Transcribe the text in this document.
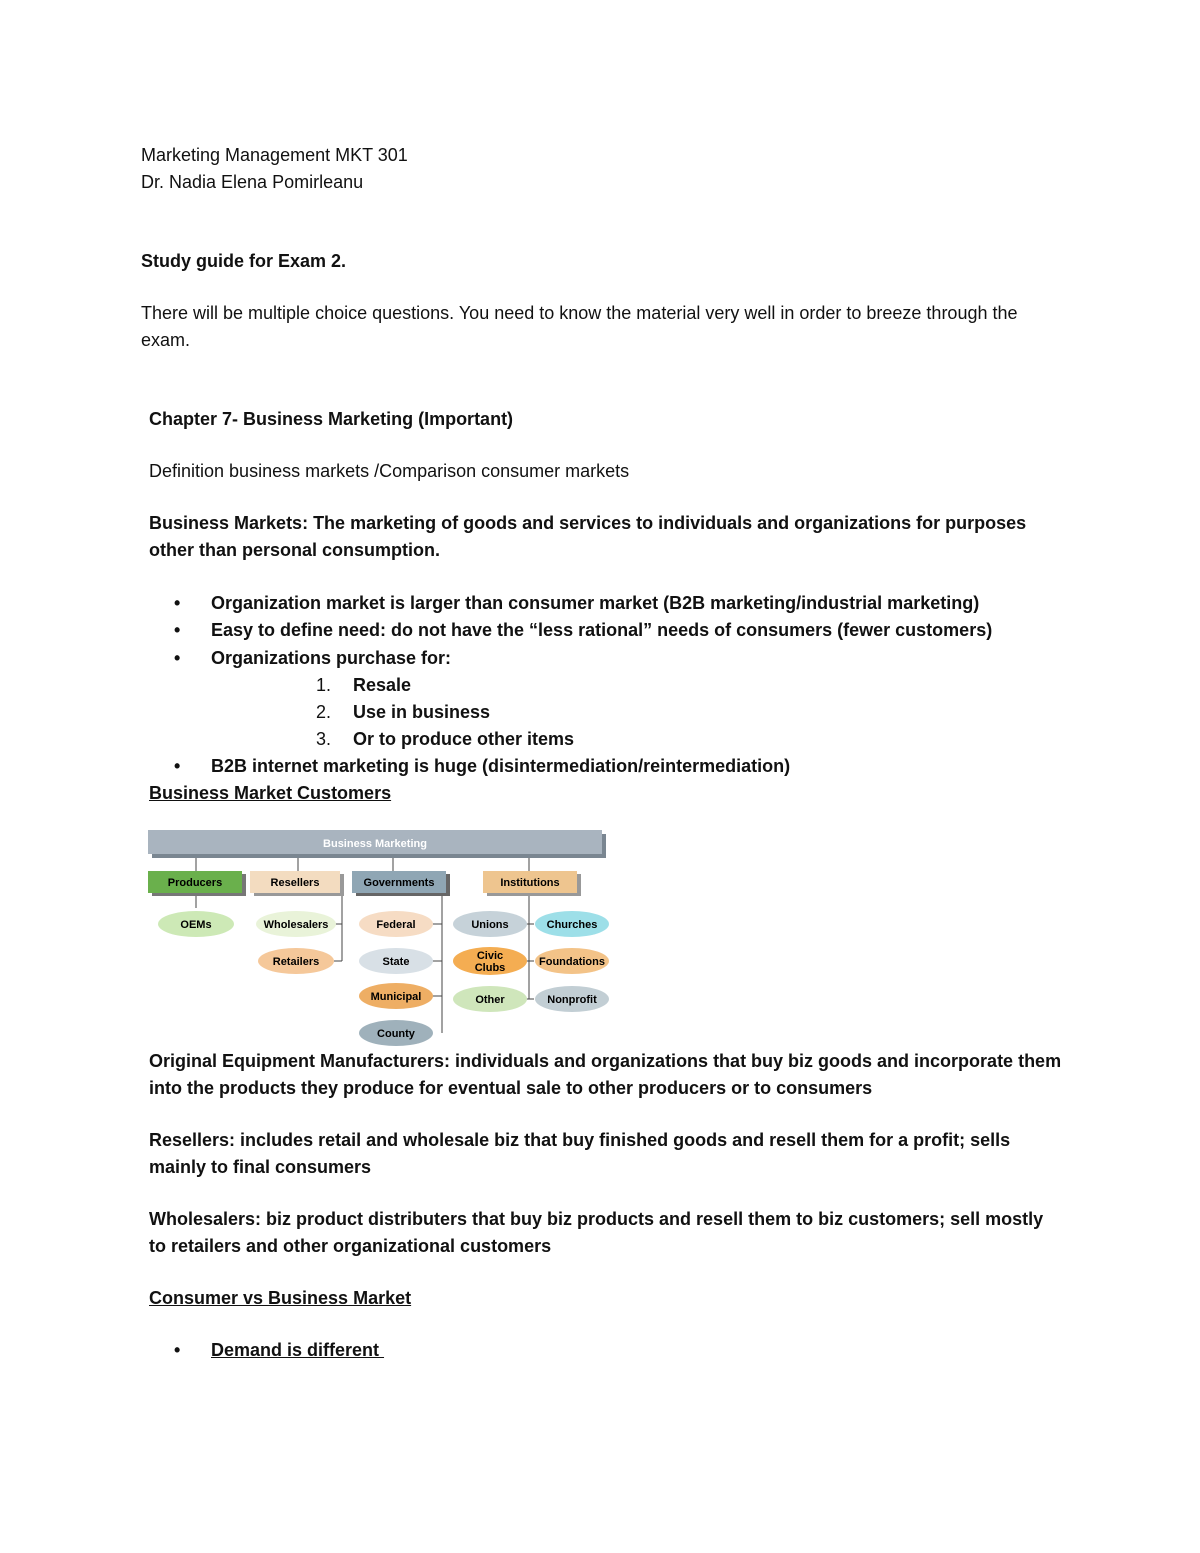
Marketing Management MKT 301
Dr. Nadia Elena Pomirleanu
Study guide for Exam 2.
There will be multiple choice questions. You need to know the material very well in order to breeze through the exam.
Chapter 7- Business Marketing (Important)
Definition business markets /Comparison consumer markets
Business Markets: The marketing of goods and services to individuals and organizations for purposes other than personal consumption.
• Organization market is larger than consumer market (B2B marketing/industrial marketing)
• Easy to define need: do not have the “less rational” needs of consumers (fewer customers)
• Organizations purchase for:
1. Resale
2. Use in business
3. Or to produce other items
• B2B internet marketing is huge (disintermediation/reintermediation)
Business Market Customers
Business Marketing
Producers	Resellers	Governments	Institutions
OEMs	Wholesalers
Retailers
Federal
State
Municipal
County
Unions
Civic Clubs
Other
Churches
Foundations
Nonprofit
Original Equipment Manufacturers: individuals and organizations that buy biz goods and incorporate them into the products they produce for eventual sale to other producers or to consumers
Resellers: includes retail and wholesale biz that buy finished goods and resell them for a profit; sells mainly to final consumers
Wholesalers: biz product distributers that buy biz products and resell them to biz customers; sell mostly to retailers and other organizational customers
Consumer vs Business Market
• Demand is different
